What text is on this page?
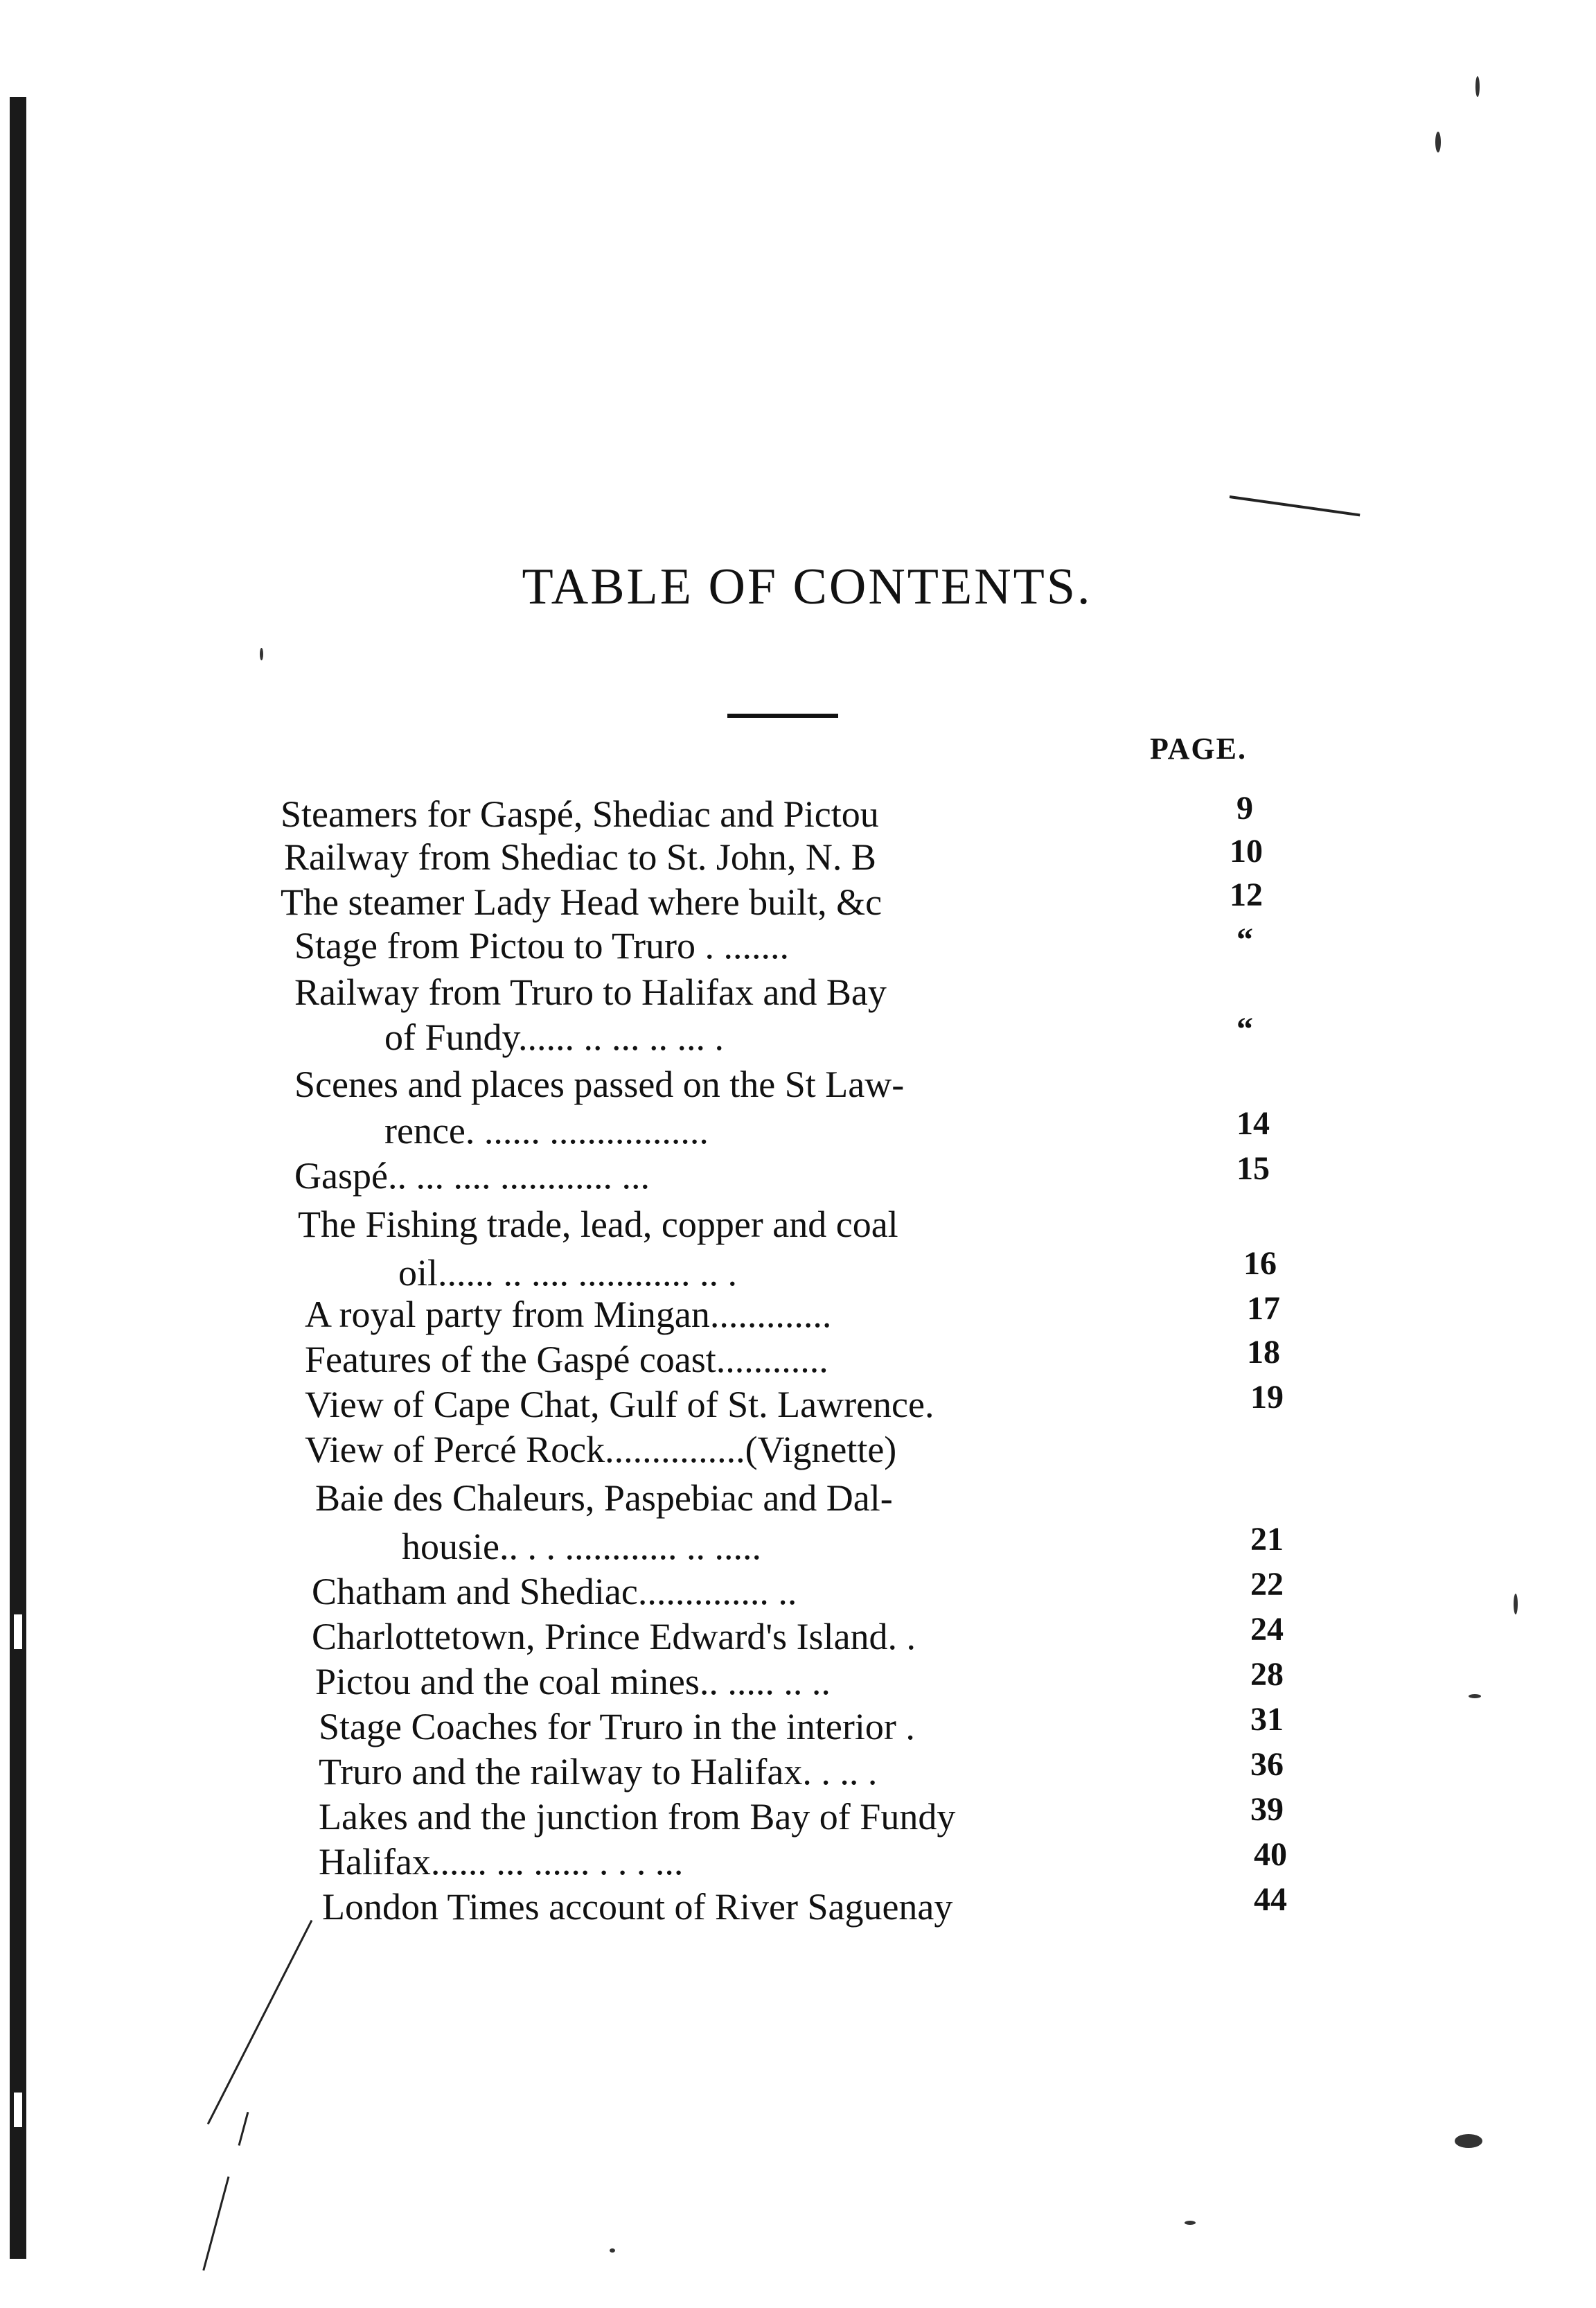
TABLE OF CONTENTS.
PAGE.
Steamers for Gaspé, Shediac and Pictou	9
Railway from Shediac to St. John, N. B	10
The steamer Lady Head where built, &c	12
Stage from Pictou to Truro . .......	“
Railway from Truro to Halifax and Bay
of Fundy...... .. ... .. ... .	“
Scenes and places passed on the St Law-
rence. ...... .................	14
Gaspé.. ... .... ............ ...	15
The Fishing trade, lead, copper and coal
oil...... .. .... ............ .. .	16
A royal party from Mingan.............	17
Features of the Gaspé coast............	18
View of Cape Chat, Gulf of St. Lawrence.	19
View of Percé Rock...............(Vignette)
Baie des Chaleurs, Paspebiac and Dal-
housie.. . . ............ .. .....	21
Chatham and Shediac.............. ..	22
Charlottetown, Prince Edward's Island. .	24
Pictou and the coal mines.. ..... .. ..	28
Stage Coaches for Truro in the interior .	31
Truro and the railway to Halifax. . .. .	36
Lakes and the junction from Bay of Fundy	39
Halifax...... ... ...... . . . ...	40
London Times account of River Saguenay	44
